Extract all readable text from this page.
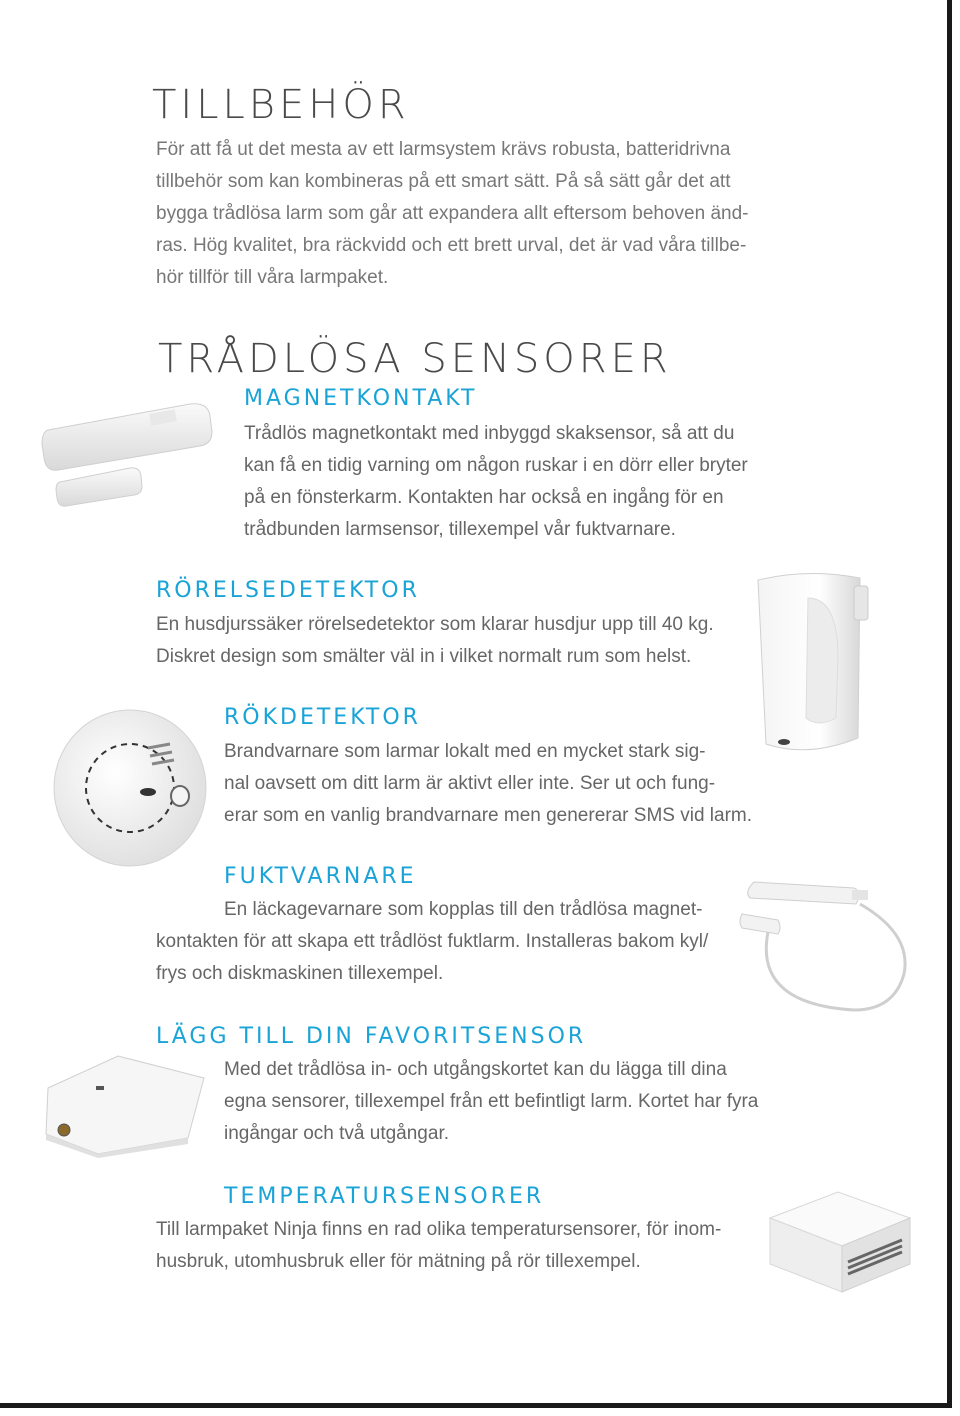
TILLBEHÖR

För att få ut det mesta av ett larmsystem krävs robusta, batteridrivna
tillbehör som kan kombineras på ett smart sätt. På så sätt går det att
bygga trådlösa larm som går att expandera allt eftersom behoven änd-
ras. Hög kvalitet, bra räckvidd och ett brett urval, det är vad våra tillbe-
hör tillför till våra larmpaket.

TRÅDLÖSA SENSORER
MAGNETKONTAKT

Trådlös magnetkontakt med inbyggd skaksensor, så att du
kan få en tidig varning om någon ruskar i en dörr eller bryter
på en fönsterkarm. Kontakten har också en ingång för en
trådbunden larmsensor, tillexempel vår fuktvarnare.

RÖRELSEDETEKTOR

En husdjurssäker rörelsedetektor som klarar husdjur upp till 40 kg.
Diskret design som smälter väl in i vilket normalt rum som helst.

RÖKDETEKTOR

Brandvarnare som larmar lokalt med en mycket stark sig-
nal oavsett om ditt larm är aktivt eller inte. Ser ut och fung-
erar som en vanlig brandvarnare men genererar SMS vid larm.

FUKTVARNARE

En läckagevarnare som kopplas till den trådlösa magnet-

kontakten för att skapa ett trådlöst fuktlarm. Installeras bakom kyl/
frys och diskmaskinen tillexempel.

LÄGG TILL DIN FAVORITSENSOR

Med det trådlösa in- och utgångskortet kan du lägga till dina
egna sensorer, tillexempel från ett befintligt larm. Kortet har fyra
ingångar och två utgångar.

TEMPERATURSENSORER

Till larmpaket Ninja finns en rad olika temperatursensorer, för inom-
husbruk, utomhusbruk eller för mätning på rör tillexempel.
